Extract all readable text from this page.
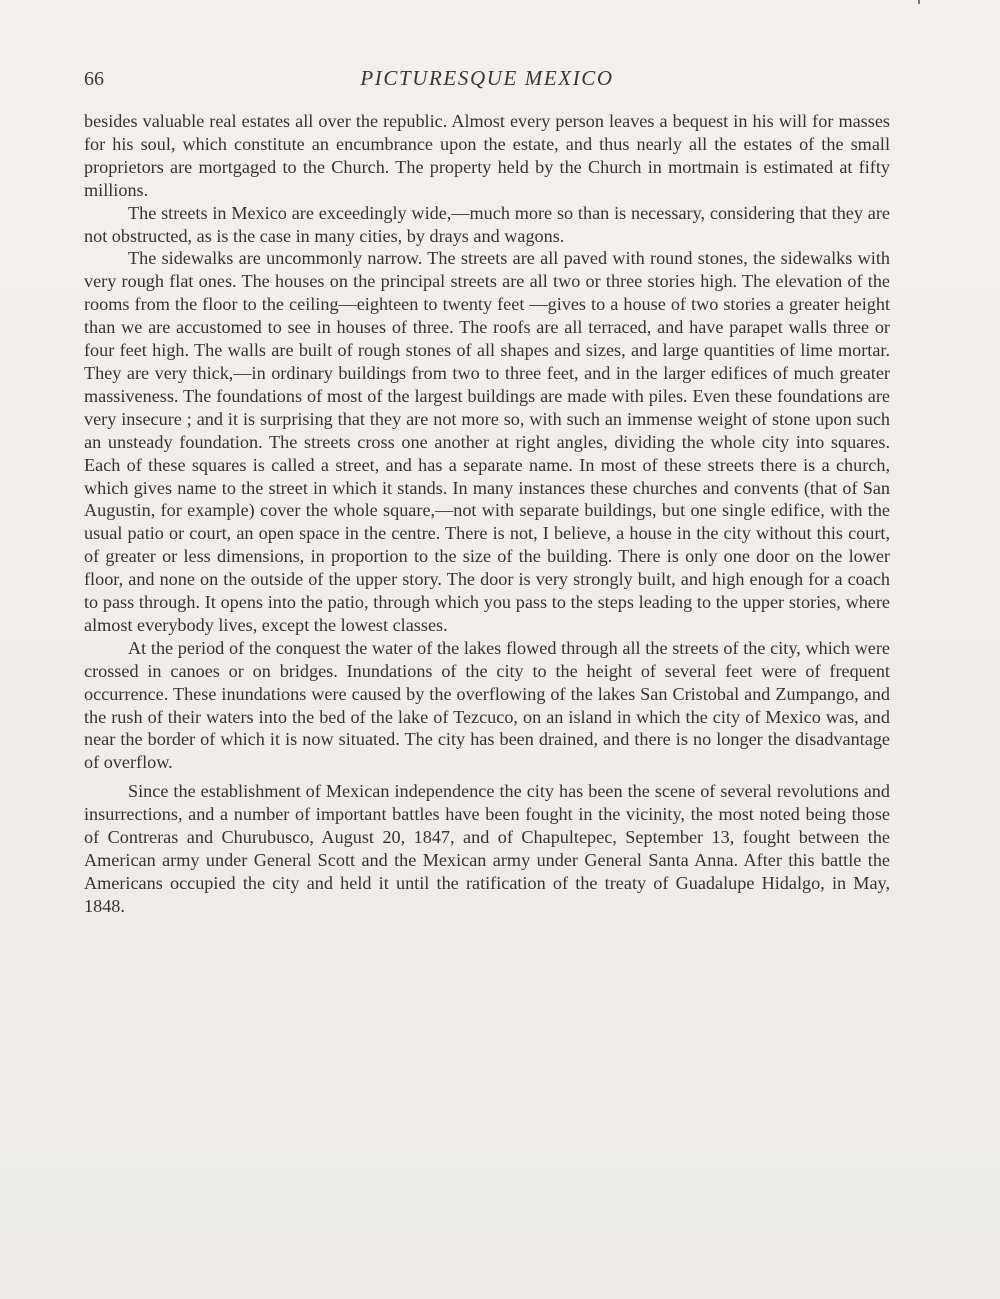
66	PICTURESQUE MEXICO

besides valuable real estates all over the republic. Almost every person leaves a bequest in his will for masses for his soul, which constitute an encumbrance upon the estate, and thus nearly all the estates of the small proprietors are mortgaged to the Church. The property held by the Church in mortmain is estimated at fifty millions.

The streets in Mexico are exceedingly wide,—much more so than is necessary, considering that they are not obstructed, as is the case in many cities, by drays and wagons.

The sidewalks are uncommonly narrow. The streets are all paved with round stones, the sidewalks with very rough flat ones. The houses on the principal streets are all two or three stories high. The elevation of the rooms from the floor to the ceiling—eighteen to twenty feet —gives to a house of two stories a greater height than we are accustomed to see in houses of three. The roofs are all terraced, and have parapet walls three or four feet high. The walls are built of rough stones of all shapes and sizes, and large quantities of lime mortar. They are very thick,—in ordinary buildings from two to three feet, and in the larger edifices of much greater massiveness. The foundations of most of the largest buildings are made with piles. Even these foundations are very insecure ; and it is surprising that they are not more so, with such an immense weight of stone upon such an unsteady foundation. The streets cross one another at right angles, dividing the whole city into squares. Each of these squares is called a street, and has a separate name. In most of these streets there is a church, which gives name to the street in which it stands. In many instances these churches and convents (that of San Augustin, for example) cover the whole square,—not with separate buildings, but one single edifice, with the usual patio or court, an open space in the centre. There is not, I believe, a house in the city without this court, of greater or less dimensions, in proportion to the size of the building. There is only one door on the lower floor, and none on the outside of the upper story. The door is very strongly built, and high enough for a coach to pass through. It opens into the patio, through which you pass to the steps leading to the upper stories, where almost everybody lives, except the lowest classes.

At the period of the conquest the water of the lakes flowed through all the streets of the city, which were crossed in canoes or on bridges. Inundations of the city to the height of several feet were of frequent occurrence. These inundations were caused by the overflowing of the lakes San Cristobal and Zumpango, and the rush of their waters into the bed of the lake of Tezcuco, on an island in which the city of Mexico was, and near the border of which it is now situated. The city has been drained, and there is no longer the disadvantage of overflow.

Since the establishment of Mexican independence the city has been the scene of several revolutions and insurrections, and a number of important battles have been fought in the vicinity, the most noted being those of Contreras and Churubusco, August 20, 1847, and of Chapultepec, September 13, fought between the American army under General Scott and the Mexican army under General Santa Anna. After this battle the Americans occupied the city and held it until the ratification of the treaty of Guadalupe Hidalgo, in May, 1848.
